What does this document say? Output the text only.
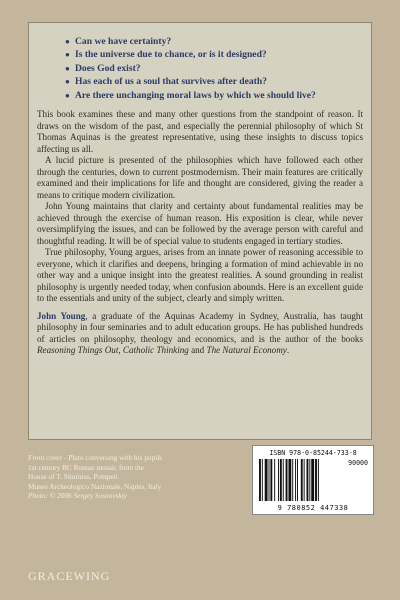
● Can we have certainty?
● Is the universe due to chance, or is it designed?
● Does God exist?
● Has each of us a soul that survives after death?
● Are there unchanging moral laws by which we should live?

This book examines these and many other questions from the standpoint of reason. It draws on the wisdom of the past, and especially the perennial philosophy of which St Thomas Aquinas is the greatest representative, using these insights to discuss topics affecting us all.

A lucid picture is presented of the philosophies which have followed each other through the centuries, down to current postmodernism. Their main features are critically examined and their implications for life and thought are considered, giving the reader a means to critique modern civilization.

John Young maintains that clarity and certainty about fundamental realities may be achieved through the exercise of human reason. His exposition is clear, while never oversimplifying the issues, and can be followed by the average person with careful and thoughtful reading. It will be of special value to students engaged in tertiary studies.

True philosophy, Young argues, arises from an innate power of reasoning accessible to everyone, which it clarifies and deepens, bringing a formation of mind achievable in no other way and a unique insight into the greatest realities. A sound grounding in realist philosophy is urgently needed today, when confusion abounds. Here is an excellent guide to the essentials and unity of the subject, clearly and simply written.

John Young, a graduate of the Aquinas Academy in Sydney, Australia, has taught philosophy in four seminaries and to adult education groups. He has published hundreds of articles on philosophy, theology and economics, and is the author of the books Reasoning Things Out, Catholic Thinking and The Natural Economy.

Front cover - Plato conversing with his pupils
1st century BC Roman mosaic from the
House of T. Siminius, Pompeii.
Museo Archeologico Nazionale, Naples, Italy
Photo: © 2006 Sergey Sosnovskiy
GRACEWING
ISBN 978-0-85244-733-8
90000
9 780852 447338
